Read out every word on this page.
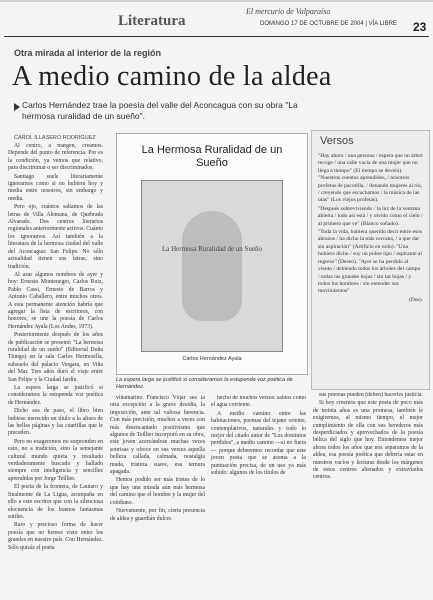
Literatura
El mercurio de Valparaíso
DOMINGO 17 DE OCTUBRE DE 2004 | VÍA LIBRE 23
Otra mirada al interior de la región
A medio camino de la aldea
Carlos Hernández trae la poesía del valle del Aconcagua con su obra "La hermosa ruralidad de un sueño".
CAROL ILLASERO RODRÍGUEZ

Al centro, a margen, creamos. Depende del punto de referencia. Por es la condición, ya vemos que relativo, para discriminar o ser discriminados.

Santiago suele literariamente ignorarnos como si no hubiera hoy y media entre nosotros, sin embargo y media.

Pero ojo, cuántos saltamos de las letras de Villa Alemana, de Quebrada Alvarado. Dos centros literarios regionales anteriormente activos. Cuánto los ignoramos. Así también a la literatura de la hermosa ciudad del valle del Aconcagua: San Felipe. No sólo actualidad tienen sus letras, sino tradición.

Al azar algunos nombres de ayer y hoy: Ernesto Montenegro, Carlos Ruiz, Pablo Cassi, Ernesto de Barros y Antonio Caballero, entre muchos otros. A esta permanente atención habría que agregar la lista de escritores, con honores, se une la poesía de Carlos Hernández Ayala (Los Andes, 1973).

Posteriormente después de los años de publicación se presentó "La hermosa ruralidad de un sueño" (Editorial Doña Tiungo) en la sala Carlos Hermosilla, subsuelo del palacio Vergara, en Viña del Mar. Tres años duró el viaje entre San Felipe y la Ciudad Jardín.

La espera larga se justificó si consideramos la estupenda voz poética de Hernández.

Dicho sea de paso, el libro bien hubiese merecido un título a la altura de las bellas páginas y las cuartillas que le preceden.

Pero no exageremos no sorprenden en esto, no a tradición, sino la semejante cultural mundo quieta y resultado verdaderamente buscado y hallado siempre con inteligencia y sencillez aprendidas por Jorge Teillier.

El poeta de la frontera, de Lautaro y finalmente de La Ligua, acompaña en ello a este escritor que con la silenciosa elocuencia de los buenos fantasmas sutiles.

Raro y precioso forma de hacer poesía que no hemos visto entre los grandes en nuestro país. Con Hernández. Sólo quizás el poeta

La Hermosa Ruralidad de un Sueño
La Hermosa Ruralidad de un Sueño
Carlos Hernández Ayala
La espera larga se justificó si consideramos la estupenda voz poética de Hernández.
Versos

"Hay ahora / una persona / espera que un árbol recoge / una calle vacía de una mujer que no llega a tiempo" (El tiempo se devela). "Nuestros cuentos aprendidos, / nosotros profetas de pacotilla, / llenando mujeres al río, / creyendo que escuchamos / la música de las olas" (Los viejos profetas).

"Después sobreviviendo / la luz de la ventana abierta / todo así está / y olvido como el cielo / al primero que ve" (Blanco soñado).

"Toda la vida, hubiera querido decir entre esos abrazos / ha dicho la más cercana, / a que dar sin aspiración" (Artificio en todo). "Una hubiera dicho / soy un pobre tipo / aspirante al regreso" (Deseo). "Ayer se ha perdido al viento / debiendo todos los árboles del campo / todas las grandes hojas / sin las hojas / y todos los hombres / sin entender sus movimientos"

(Dos).

viñamarino Francisco Véjar sea la otra excepción a la grave desidia, la imposición, ante tal valiosa herencia. Con más precisión, muchos a veces con más desencantado positivismo que algunos de Teillier incorporó en su obra, este joven acercándose muchas veces sonrisas y ofrece en sus versos aquella belleza callada, calmada, nostalgia muda, tristeza suave, esa ternura apagada.

Hemos podido ser más tristes de lo que hay una mirada aún más hermosa del camino que el hombre y la mujer del cotidiano.

Nuevamente, por fin, cierta presencia de aldea y guardián dulces

hecho de muchos versos: sabios como el agua corriente.

A medio camino entre las habitaciones, poemas del tejano oriente, contemplativos, naturales y todo lo mejor del citado autor de "Los dominios perdidos", a medio camino —si no fuera— porque deberemos recordar que este joven poeta que se asoma a la puntuación precisa, de un uso ya más subido: algunos de los títulos de

sus poemas pueden (deben) hacerles justicia.

Si hoy creemos que este poeta de poco más de treinta años es una promesa, también le exigiremos, al mismo tiempo, el mejor cumplimiento de ella con sus herederos más desperdiciados y aprovechados de la poesía bélica del siglo que hoy. Entendemos mejor ahora todos los años que nos separamos de la aldea, esa poesía poética que debería estar en nuestros vacíos y lecturas desde los márgenes de estos centros alienados y extraviados centros.
